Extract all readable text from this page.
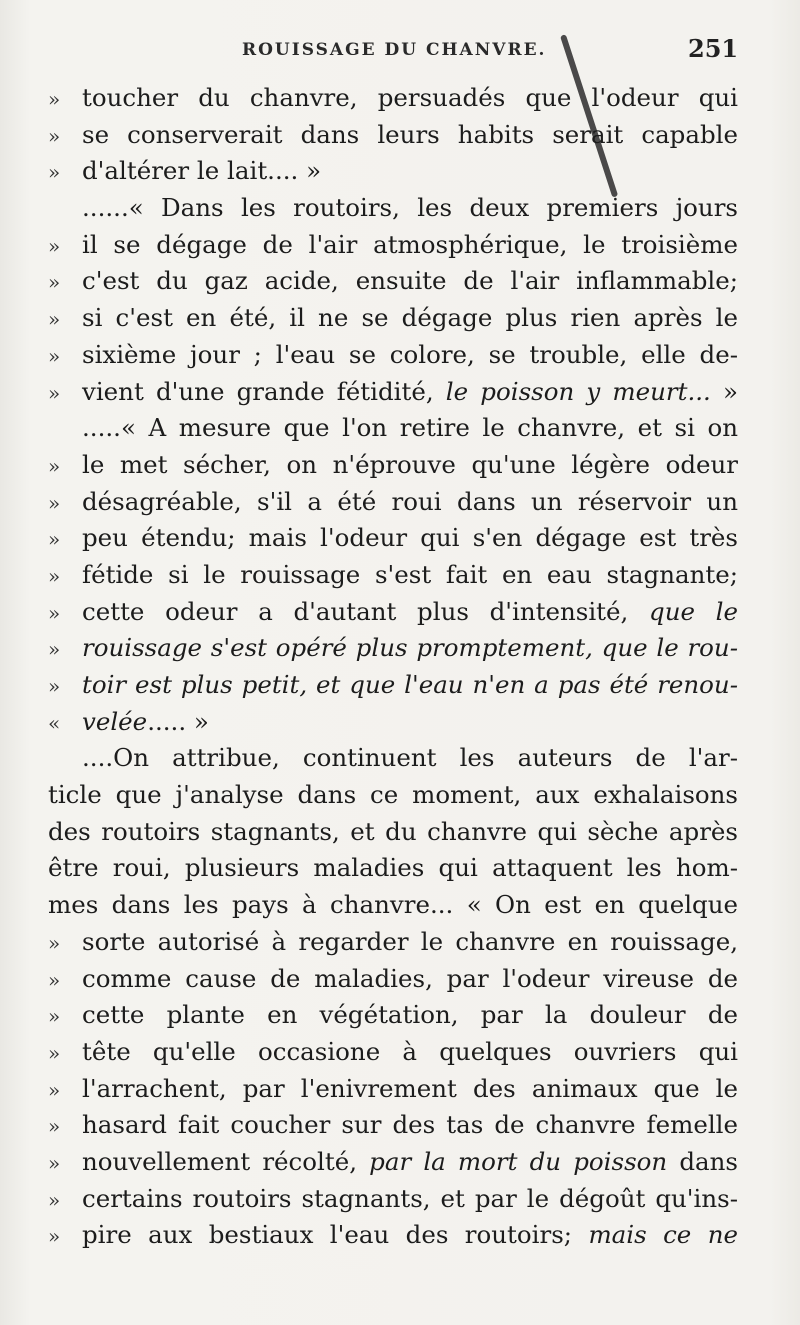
ROUISSAGE DU CHANVRE.	251
» toucher du chanvre, persuadés que l'odeur qui
» se conserverait dans leurs habits serait capable
» d'altérer le lait.... »
......« Dans les routoirs, les deux premiers jours
» il se dégage de l'air atmosphérique, le troisième
» c'est du gaz acide, ensuite de l'air inflammable;
» si c'est en été, il ne se dégage plus rien après le
» sixième jour ; l'eau se colore, se trouble, elle de-
» vient d'une grande fétidité, le poisson y meurt... »
.....« A mesure que l'on retire le chanvre, et si on
» le met sécher, on n'éprouve qu'une légère odeur
» désagréable, s'il a été roui dans un réservoir un
» peu étendu; mais l'odeur qui s'en dégage est très
» fétide si le rouissage s'est fait en eau stagnante;
» cette odeur a d'autant plus d'intensité, que le
» rouissage s'est opéré plus promptement, que le rou-
» toir est plus petit, et que l'eau n'en a pas été renou-
« velée..... »
....On attribue, continuent les auteurs de l'ar-
ticle que j'analyse dans ce moment, aux exhalaisons
des routoirs stagnants, et du chanvre qui sèche après
être roui, plusieurs maladies qui attaquent les hom-
mes dans les pays à chanvre... « On est en quelque
» sorte autorisé à regarder le chanvre en rouissage,
» comme cause de maladies, par l'odeur vireuse de
» cette plante en végétation, par la douleur de
» tête qu'elle occasione à quelques ouvriers qui
» l'arrachent, par l'enivrement des animaux que le
» hasard fait coucher sur des tas de chanvre femelle
» nouvellement récolté, par la mort du poisson dans
» certains routoirs stagnants, et par le dégoût qu'ins-
» pire aux bestiaux l'eau des routoirs; mais ce ne
